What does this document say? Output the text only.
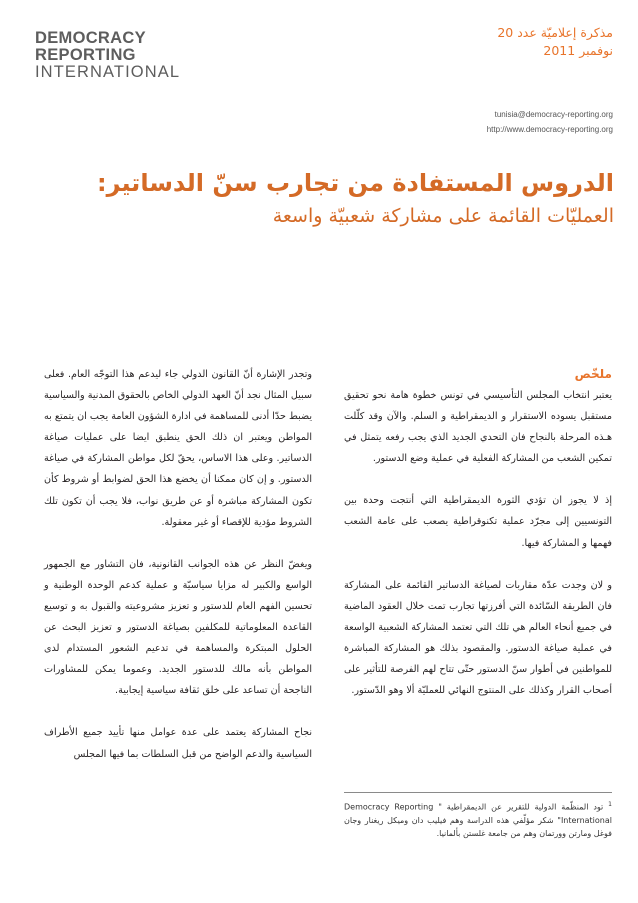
DEMOCRACY
REPORTING
INTERNATIONAL
مذكرة إعلاميّة عدد 20
نوفمبر 2011
tunisia@democracy-reporting.org
http://www.democracy-reporting.org
الدروس المستفادة من تجارب سنّ الدساتير:
العمليّات القائمة على مشاركة شعبيّة واسعة

ملخّص

يعتبر انتخاب المجلس التأسيسي في تونس خطوة هامة نحو تحقيق مستقبل يسوده الاستقرار و الديمقراطية و السلم. والآن وقد كلّلت هـذه المرحلة بالنجاح فان التحدي الجديد الذي يجب رفعه يتمثل في تمكين الشعب من المشاركة الفعلية في عملية وضع الدستور.

إذ لا يجوز ان تؤدي الثورة الديمقراطية التي أنتجت وحدة بين التونسيين إلى مجرّد عملية تكنوقراطية يصعب على عامة الشعب فهمها و المشاركة فيها.

و لان وجدت عدّة مقاربات لصياغة الدساتير القائمة على المشاركة فان الطريقة السّائدة التي أفرزتها تجارب تمت خلال العقود الماضية في جميع أنحاء العالم هي تلك التي تعتمد المشاركة الشعبية الواسعة في عملية صياغة الدستور. والمقصود بذلك هو المشاركة المباشرة للمواطنين في أطوار سنّ الدستور حتّى تتاح لهم الفرصة للتأثير على أصحاب القرار وكذلك على المنتوج النهائي للعمليّة ألا وهو الدّستور.

وتجدر الإشارة أنّ القانون الدولي جاء ليدعم هذا التوجّه العام. فعلى سبيل المثال نجد أنّ العهد الدولي الخاص بالحقوق المدنية والسياسية يضبط حدّا أدنى للمساهمة في ادارة الشؤون العامة يجب ان يتمتع به المواطن ويعتبر ان ذلك الحق ينطبق ايضا على عمليات صياغة الدساتير. وعلى هذا الاساس، يحقّ لكل مواطن المشاركة في صياغة الدستور. و إن كان ممكنا أن يخضع هذا الحق لضوابط أو شروط كأن تكون المشاركة مباشرة أو عن طريق نواب، فلا يجب أن تكون تلك الشروط مؤدية للإقصاء أو غير معقولة.

ويغضّ النظر عن هذه الجوانب القانونية، فان التشاور مع الجمهور الواسع والكبير له مزايا سياسيّة و عملية كدعم الوحدة الوطنية و تحسين الفهم العام للدستور و تعزيز مشروعيته والقبول به و توسيع القاعدة المعلوماتية للمكلفين بصياغة الدستور و تعزيز البحث عن الحلول المبتكرة والمساهمة في تدعيم الشعور المستدام لدى المواطن بأنه مالك للدستور الجديد. وعموما يمكن للمشاورات الناجحة أن تساعد على خلق ثقافة سياسية إيجابية.

نجاح المشاركة يعتمد على عدة عوامل منها تأييد جميع الأطراف السياسية والدعم الواضح من قبل السلطات بما فيها المجلس

$^1$ تود المنظّمة الدولية للتقرير عن الديمقراطية " Democracy Reporting International" شكر مؤلّفي هذه الدراسة وهم فيليب دان وميكل ريغنار وجان فوغل ومارتن وورتمان وهم من جامعة غلستن بألمانيا.
